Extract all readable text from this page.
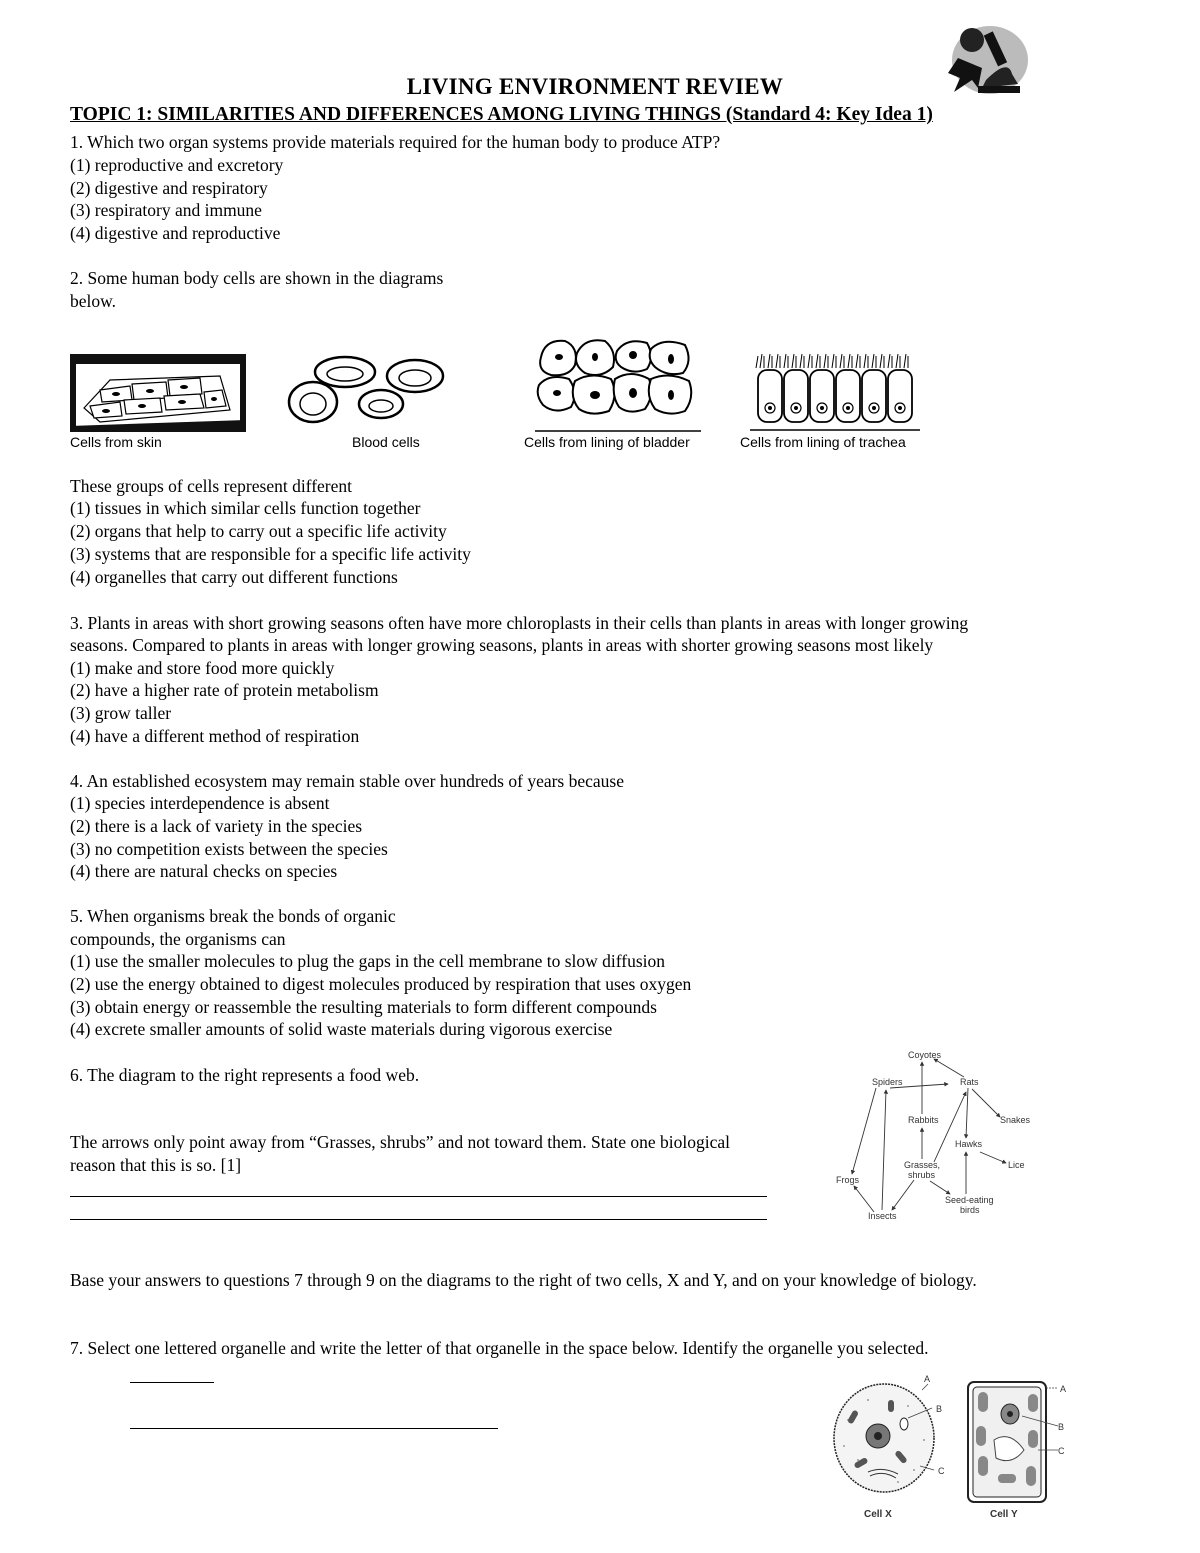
LIVING ENVIRONMENT REVIEW
TOPIC 1: SIMILARITIES AND DIFFERENCES AMONG LIVING THINGS (Standard 4: Key Idea 1)
1. Which two organ systems provide materials required for the human body to produce ATP?
(1) reproductive and excretory
(2) digestive and respiratory
(3) respiratory and immune
(4) digestive and reproductive
2. Some human body cells are shown in the diagrams
below.
Cells from skin	Blood cells	Cells from lining of bladder	Cells from lining of trachea
These groups of cells represent different
(1) tissues in which similar cells function together
(2) organs that help to carry out a specific life activity
(3) systems that are responsible for a specific life activity
(4) organelles that carry out different functions
3. Plants in areas with short growing seasons often have more chloroplasts in their cells than plants in areas with longer growing
seasons. Compared to plants in areas with longer growing seasons, plants in areas with shorter growing seasons most likely
(1) make and store food more quickly
(2) have a higher rate of protein metabolism
(3) grow taller
(4) have a different method of respiration
4. An established ecosystem may remain stable over hundreds of years because
(1) species interdependence is absent
(2) there is a lack of variety in the species
(3) no competition exists between the species
(4) there are natural checks on species
5. When organisms break the bonds of organic
compounds, the organisms can
(1) use the smaller molecules to plug the gaps in the cell membrane to slow diffusion
(2) use the energy obtained to digest molecules produced by respiration that uses oxygen
(3) obtain energy or reassemble the resulting materials to form different compounds
(4) excrete smaller amounts of solid waste materials during vigorous exercise
6. The diagram to the right represents a food web.
The arrows only point away from “Grasses, shrubs” and not toward them. State one biological
reason that this is so. [1]
Coyotes
Spiders	Rats
Snakes
Rabbits
Hawks
Lice
Grasses,
shrubs
Frogs
Seed-eating
birds
Insects
Base your answers to questions 7 through 9 on the diagrams to the right of two cells, X and Y, and on your knowledge of biology.
7. Select one lettered organelle and write the letter of that organelle in the space below. Identify the organelle you selected.
A
B
C
A
B
C
Cell X	Cell Y
